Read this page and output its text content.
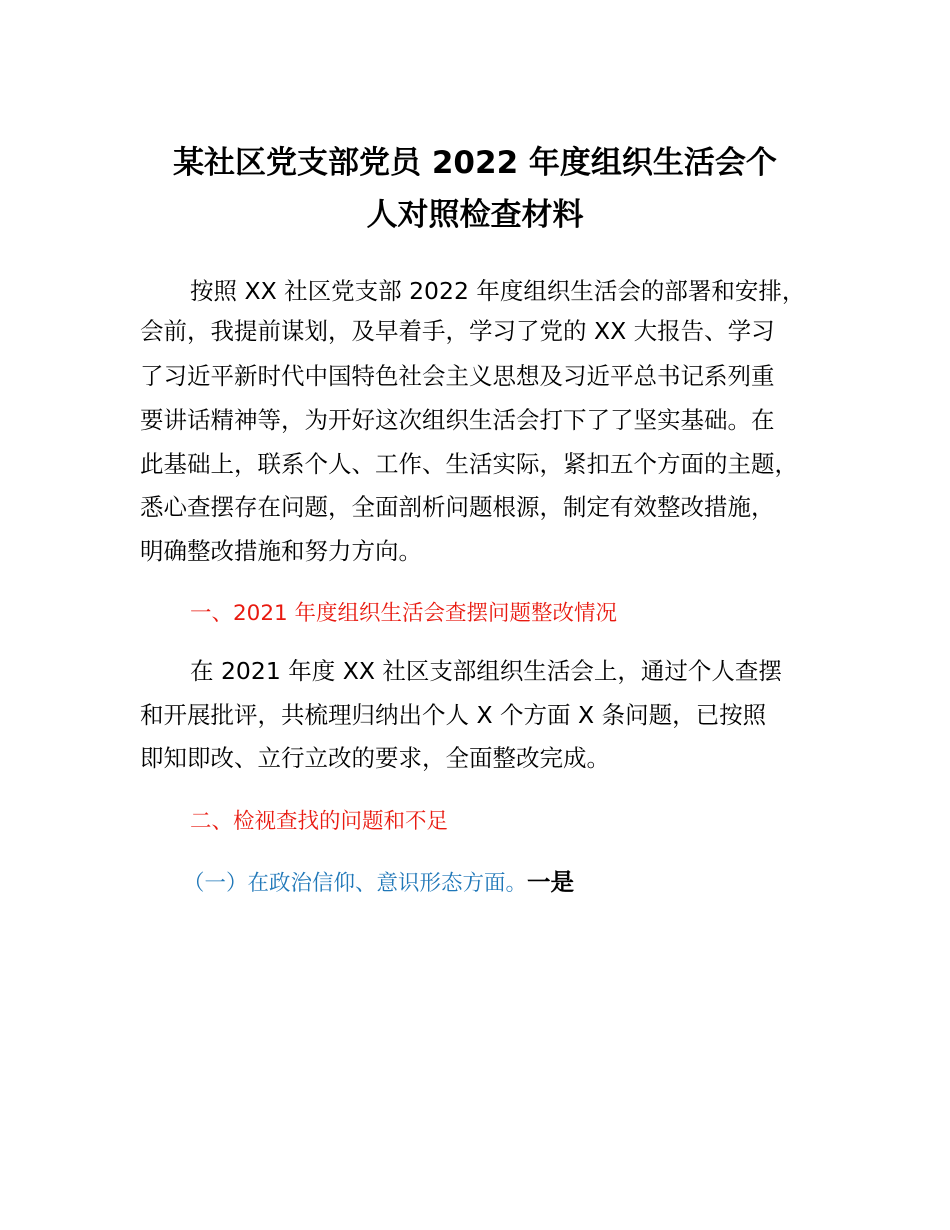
某社区党支部党员 2022 年度组织生活会个
人对照检查材料

按照 XX 社区党支部 2022 年度组织生活会的部署和安排，

会前，我提前谋划，及早着手，学习了党的 XX 大报告、学习

了习近平新时代中国特色社会主义思想及习近平总书记系列重

要讲话精神等，为开好这次组织生活会打下了了坚实基础。在

此基础上，联系个人、工作、生活实际，紧扣五个方面的主题，

悉心查摆存在问题，全面剖析问题根源，制定有效整改措施，

明确整改措施和努力方向。

一、2021 年度组织生活会查摆问题整改情况

在 2021 年度 XX 社区支部组织生活会上，通过个人查摆

和开展批评，共梳理归纳出个人 X 个方面 X 条问题，已按照

即知即改、立行立改的要求，全面整改完成。

二、检视查找的问题和不足

（一）在政治信仰、意识形态方面。一是
